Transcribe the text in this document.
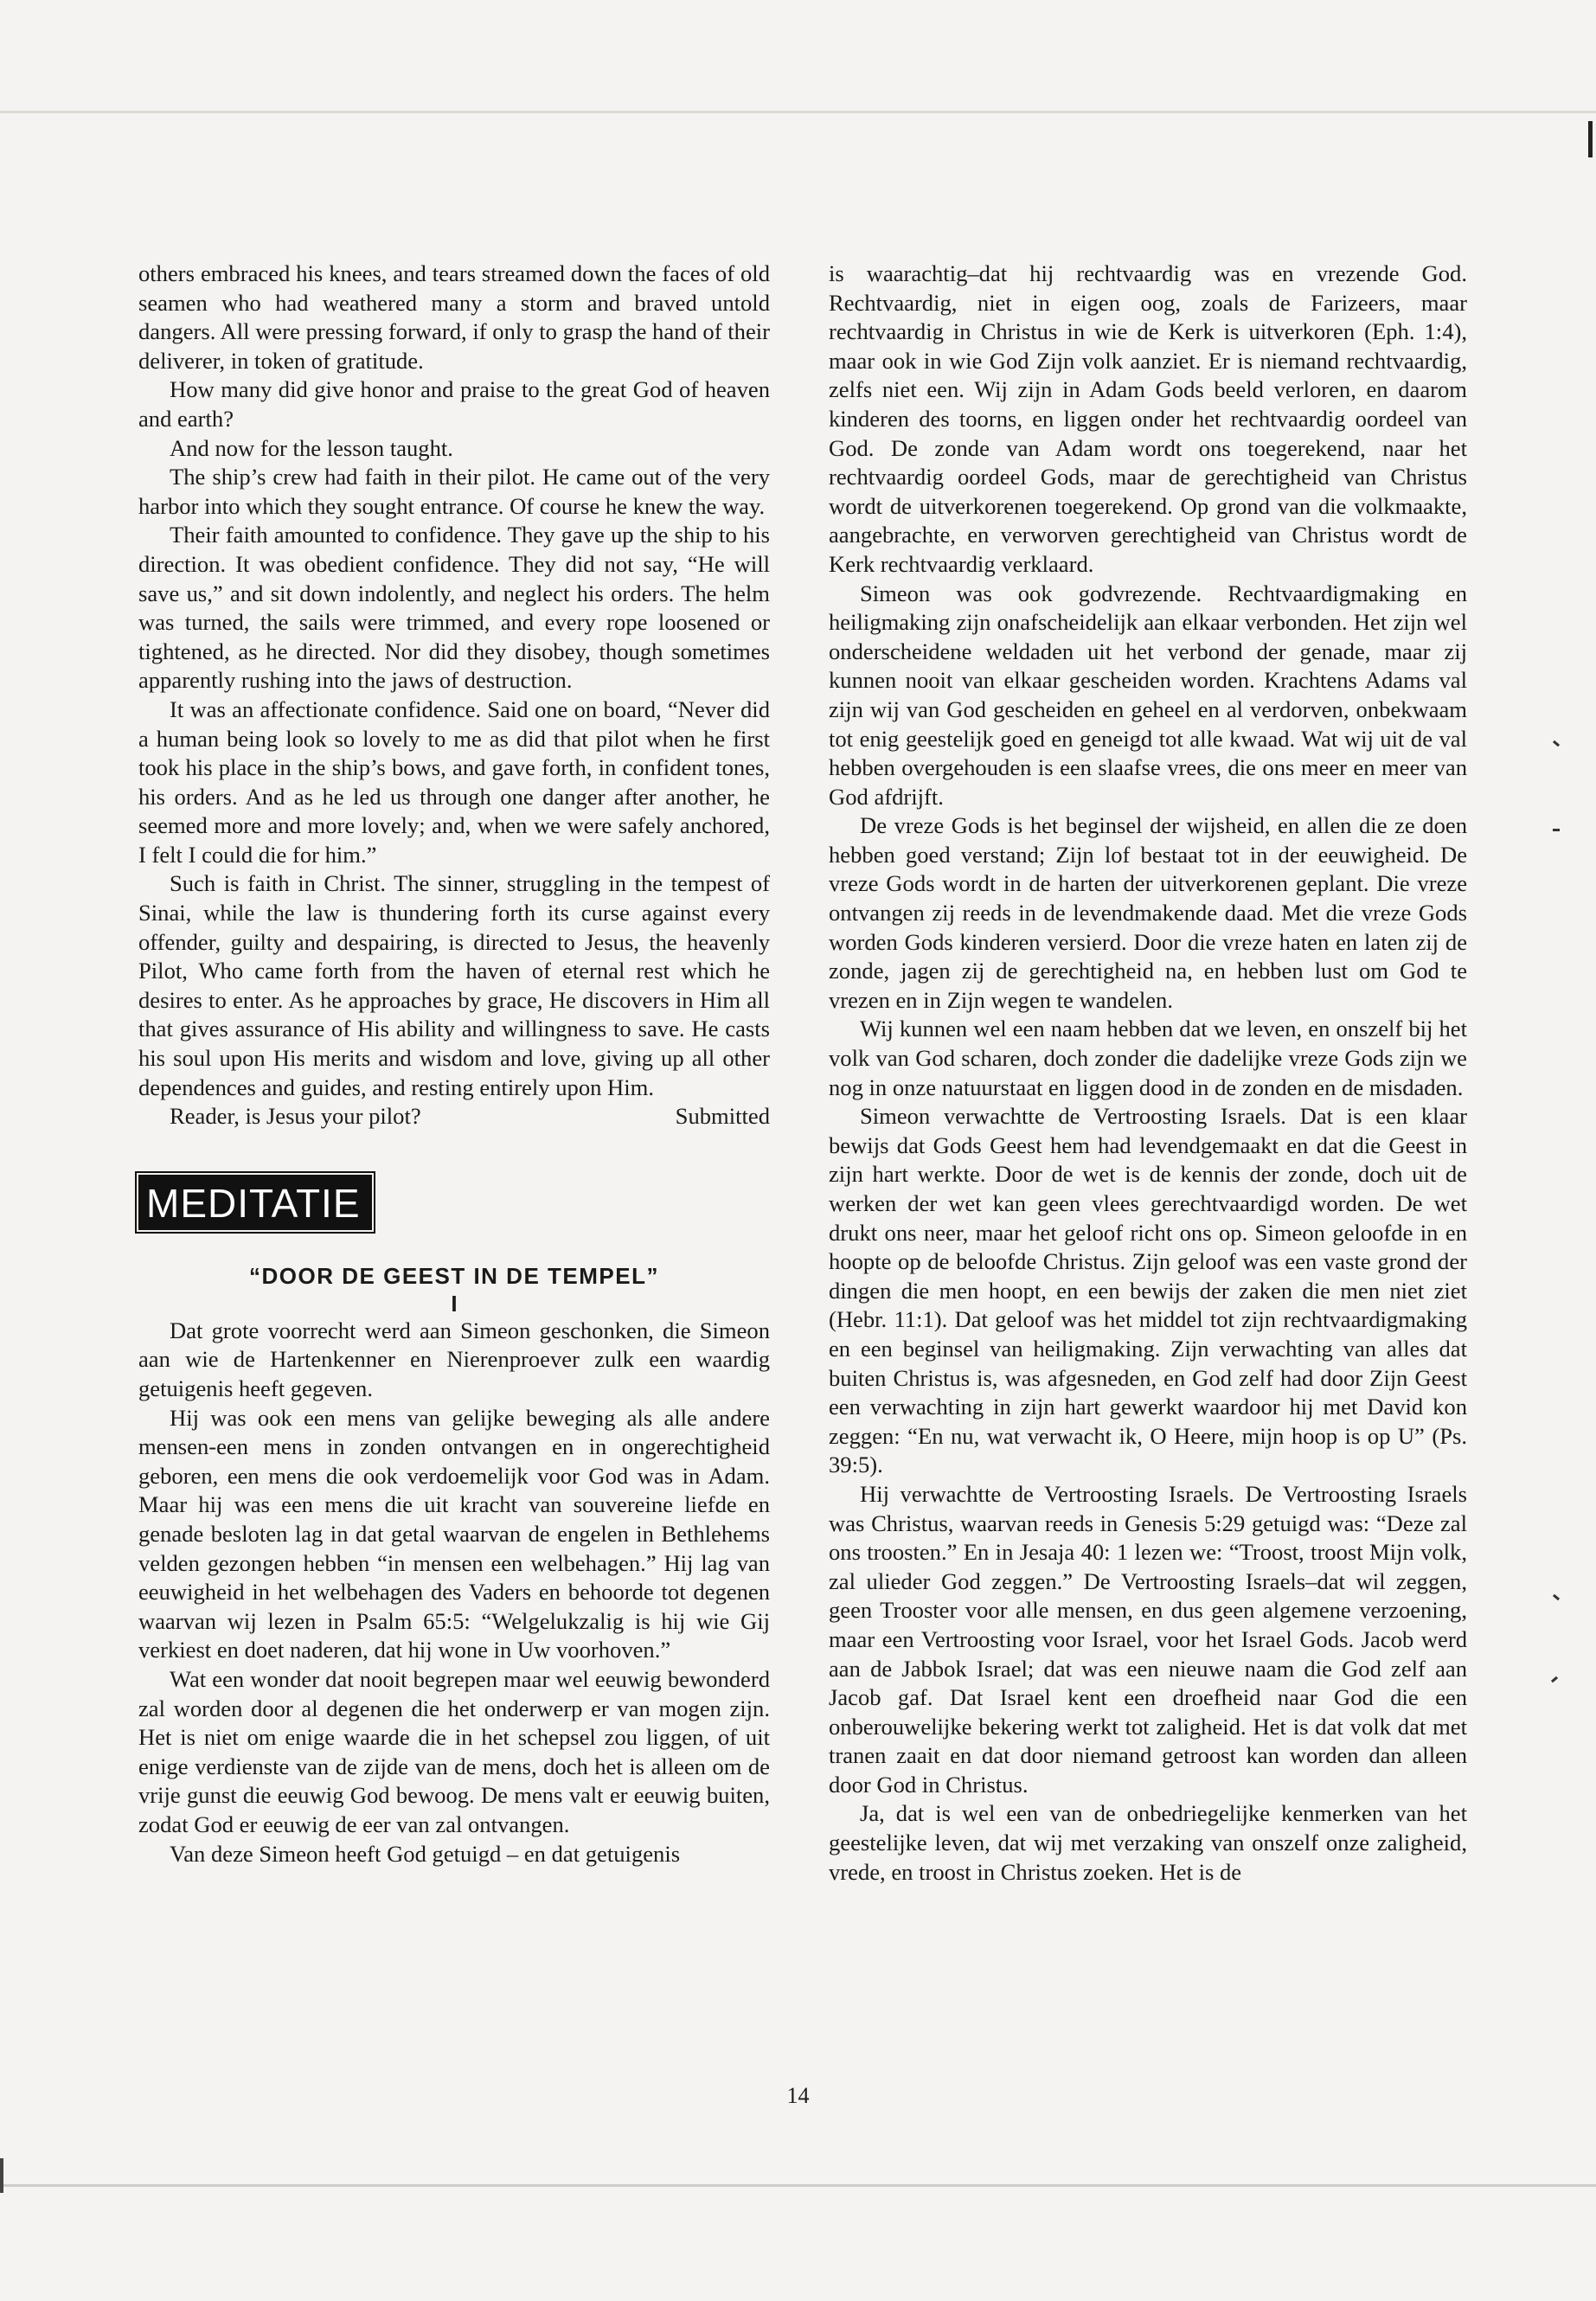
others embraced his knees, and tears streamed down the faces of old seamen who had weathered many a storm and braved untold dangers. All were pressing forward, if only to grasp the hand of their deliverer, in token of gratitude.

How many did give honor and praise to the great God of heaven and earth?

And now for the lesson taught.

The ship’s crew had faith in their pilot. He came out of the very harbor into which they sought entrance. Of course he knew the way.

Their faith amounted to confidence. They gave up the ship to his direction. It was obedient confidence. They did not say, “He will save us,” and sit down indolently, and neglect his orders. The helm was turned, the sails were trimmed, and every rope loosened or tightened, as he directed. Nor did they disobey, though sometimes apparently rushing into the jaws of destruction.

It was an affectionate confidence. Said one on board, “Never did a human being look so lovely to me as did that pilot when he first took his place in the ship’s bows, and gave forth, in confident tones, his orders. And as he led us through one danger after another, he seemed more and more lovely; and, when we were safely anchored, I felt I could die for him.”

Such is faith in Christ. The sinner, struggling in the tempest of Sinai, while the law is thundering forth its curse against every offender, guilty and despairing, is directed to Jesus, the heavenly Pilot, Who came forth from the haven of eternal rest which he desires to enter. As he approaches by grace, He discovers in Him all that gives assurance of His ability and willingness to save. He casts his soul upon His merits and wisdom and love, giving up all other dependences and guides, and resting entirely upon Him.

Reader, is Jesus your pilot?	Submitted
MEDITATIE
“DOOR DE GEEST IN DE TEMPEL”
I

Dat grote voorrecht werd aan Simeon geschonken, die Simeon aan wie de Hartenkenner en Nierenproever zulk een waardig getuigenis heeft gegeven.

Hij was ook een mens van gelijke beweging als alle andere mensen-een mens in zonden ontvangen en in ongerechtigheid geboren, een mens die ook verdoemelijk voor God was in Adam. Maar hij was een mens die uit kracht van souvereine liefde en genade besloten lag in dat getal waarvan de engelen in Bethlehems velden gezongen hebben “in mensen een welbehagen.” Hij lag van eeuwigheid in het welbehagen des Vaders en behoorde tot degenen waarvan wij lezen in Psalm 65:5: “Welgelukzalig is hij wie Gij verkiest en doet naderen, dat hij wone in Uw voorhoven.”

Wat een wonder dat nooit begrepen maar wel eeuwig bewonderd zal worden door al degenen die het onderwerp er van mogen zijn. Het is niet om enige waarde die in het schepsel zou liggen, of uit enige verdienste van de zijde van de mens, doch het is alleen om de vrije gunst die eeuwig God bewoog. De mens valt er eeuwig buiten, zodat God er eeuwig de eer van zal ontvangen.

Van deze Simeon heeft God getuigd – en dat getuigenis

is waarachtig–dat hij rechtvaardig was en vrezende God. Rechtvaardig, niet in eigen oog, zoals de Farizeers, maar rechtvaardig in Christus in wie de Kerk is uitverkoren (Eph. 1:4), maar ook in wie God Zijn volk aanziet. Er is niemand rechtvaardig, zelfs niet een. Wij zijn in Adam Gods beeld verloren, en daarom kinderen des toorns, en liggen onder het rechtvaardig oordeel van God. De zonde van Adam wordt ons toegerekend, naar het rechtvaardig oordeel Gods, maar de gerechtigheid van Christus wordt de uitverkorenen toegerekend. Op grond van die volkmaakte, aangebrachte, en verworven gerechtigheid van Christus wordt de Kerk rechtvaardig verklaard.

Simeon was ook godvrezende. Rechtvaardigmaking en heiligmaking zijn onafscheidelijk aan elkaar verbonden. Het zijn wel onderscheidene weldaden uit het verbond der genade, maar zij kunnen nooit van elkaar gescheiden worden. Krachtens Adams val zijn wij van God gescheiden en geheel en al verdorven, onbekwaam tot enig geestelijk goed en geneigd tot alle kwaad. Wat wij uit de val hebben overgehouden is een slaafse vrees, die ons meer en meer van God afdrijft.

De vreze Gods is het beginsel der wijsheid, en allen die ze doen hebben goed verstand; Zijn lof bestaat tot in der eeuwigheid. De vreze Gods wordt in de harten der uitverkorenen geplant. Die vreze ontvangen zij reeds in de levendmakende daad. Met die vreze Gods worden Gods kinderen versierd. Door die vreze haten en laten zij de zonde, jagen zij de gerechtigheid na, en hebben lust om God te vrezen en in Zijn wegen te wandelen.

Wij kunnen wel een naam hebben dat we leven, en onszelf bij het volk van God scharen, doch zonder die dadelijke vreze Gods zijn we nog in onze natuurstaat en liggen dood in de zonden en de misdaden.

Simeon verwachtte de Vertroosting Israels. Dat is een klaar bewijs dat Gods Geest hem had levendgemaakt en dat die Geest in zijn hart werkte. Door de wet is de kennis der zonde, doch uit de werken der wet kan geen vlees gerechtvaardigd worden. De wet drukt ons neer, maar het geloof richt ons op. Simeon geloofde in en hoopte op de beloofde Christus. Zijn geloof was een vaste grond der dingen die men hoopt, en een bewijs der zaken die men niet ziet (Hebr. 11:1). Dat geloof was het middel tot zijn rechtvaardigmaking en een beginsel van heiligmaking. Zijn verwachting van alles dat buiten Christus is, was afgesneden, en God zelf had door Zijn Geest een verwachting in zijn hart gewerkt waardoor hij met David kon zeggen: “En nu, wat verwacht ik, O Heere, mijn hoop is op U” (Ps. 39:5).

Hij verwachtte de Vertroosting Israels. De Vertroosting Israels was Christus, waarvan reeds in Genesis 5:29 getuigd was: “Deze zal ons troosten.” En in Jesaja 40: 1 lezen we: “Troost, troost Mijn volk, zal ulieder God zeggen.” De Vertroosting Israels–dat wil zeggen, geen Trooster voor alle mensen, en dus geen algemene verzoening, maar een Vertroosting voor Israel, voor het Israel Gods. Jacob werd aan de Jabbok Israel; dat was een nieuwe naam die God zelf aan Jacob gaf. Dat Israel kent een droefheid naar God die een onberouwelijke bekering werkt tot zaligheid. Het is dat volk dat met tranen zaait en dat door niemand getroost kan worden dan alleen door God in Christus.

Ja, dat is wel een van de onbedriegelijke kenmerken van het geestelijke leven, dat wij met verzaking van onszelf onze zaligheid, vrede, en troost in Christus zoeken. Het is de

14
